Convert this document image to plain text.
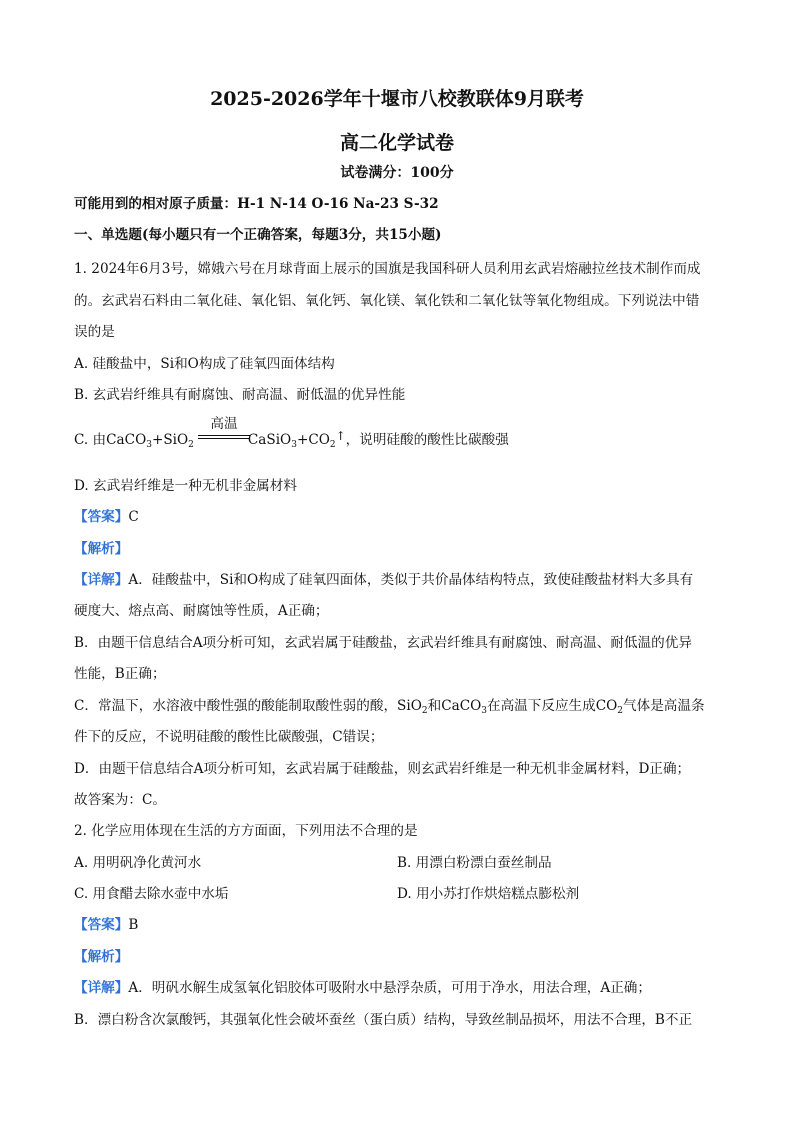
2025-2026学年十堰市八校教联体9月联考
高二化学试卷
试卷满分：100分
可能用到的相对原子质量：H-1 N-14 O-16 Na-23 S-32
一、单选题(每小题只有一个正确答案，每题3分，共15小题)
1. 2024年6月3号，嫦娥六号在月球背面上展示的国旗是我国科研人员利用玄武岩熔融拉丝技术制作而成
的。玄武岩石料由二氧化硅、氧化铝、氧化钙、氧化镁、氧化铁和二氧化钛等氧化物组成。下列说法中错
误的是
A. 硅酸盐中，Si和O构成了硅氧四面体结构
B. 玄武岩纤维具有耐腐蚀、耐高温、耐低温的优异性能
高温
C. 由CaCO$_3$+SiO$_2$	$CaSiO_3+CO_2↑$，说明硅酸的酸性比碳酸强
D. 玄武岩纤维是一种无机非金属材料
【答案】C
【解析】
【详解】A．硅酸盐中，Si和O构成了硅氧四面体，类似于共价晶体结构特点，致使硅酸盐材料大多具有
硬度大、熔点高、耐腐蚀等性质，A正确；
B．由题干信息结合A项分析可知，玄武岩属于硅酸盐，玄武岩纤维具有耐腐蚀、耐高温、耐低温的优异
性能，B正确；
C．常温下，水溶液中酸性强的酸能制取酸性弱的酸，SiO$_2$和CaCO$_3$在高温下反应生成$CO_2$气体是高温条
件下的反应，不说明硅酸的酸性比碳酸强，C错误；
D．由题干信息结合A项分析可知，玄武岩属于硅酸盐，则玄武岩纤维是一种无机非金属材料，D正确；
故答案为：C。
2. 化学应用体现在生活的方方面面，下列用法不合理的是
A. 用明矾净化黄河水	B. 用漂白粉漂白蚕丝制品
C. 用食醋去除水壶中水垢	D. 用小苏打作烘焙糕点膨松剂
【答案】B
【解析】
【详解】A．明矾水解生成氢氧化铝胶体可吸附水中悬浮杂质，可用于净水，用法合理，A正确；
B．漂白粉含次氯酸钙，其强氧化性会破坏蚕丝（蛋白质）结构，导致丝制品损坏，用法不合理，B不正
